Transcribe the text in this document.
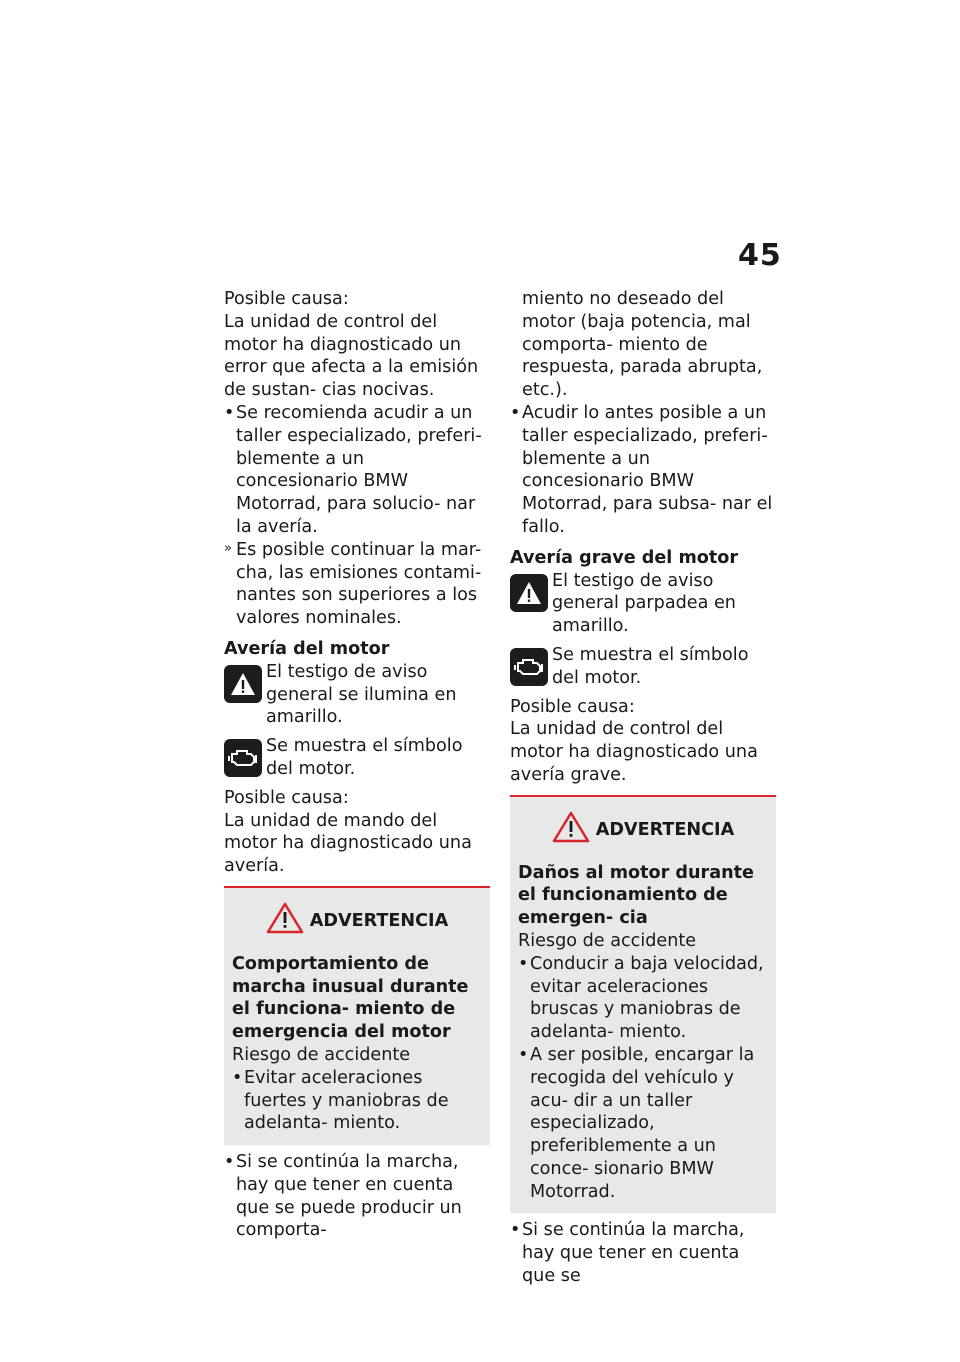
45

Posible causa:

La unidad de control del motor ha diagnosticado un error que afecta a la emisión de sustan- cias nocivas.

• Se recomienda acudir a un taller especializado, preferi- blemente a un concesionario BMW Motorrad, para solucio- nar la avería.

» Es posible continuar la mar- cha, las emisiones contami- nantes son superiores a los valores nominales.

Avería del motor

El testigo de aviso general se ilumina en amarillo.
Se muestra el símbolo del motor.

Posible causa:

La unidad de mando del motor ha diagnosticado una avería.

ADVERTENCIA

Comportamiento de marcha inusual durante el funciona- miento de emergencia del motor

Riesgo de accidente

• Evitar aceleraciones fuertes y maniobras de adelanta- miento.

• Si se continúa la marcha, hay que tener en cuenta que se puede producir un comporta-

miento no deseado del motor (baja potencia, mal comporta- miento de respuesta, parada abrupta, etc.).

• Acudir lo antes posible a un taller especializado, preferi- blemente a un concesionario BMW Motorrad, para subsa- nar el fallo.

Avería grave del motor

El testigo de aviso general parpadea en amarillo.
Se muestra el símbolo del motor.

Posible causa:

La unidad de control del motor ha diagnosticado una avería grave.

ADVERTENCIA

Daños al motor durante el funcionamiento de emergen- cia

Riesgo de accidente

• Conducir a baja velocidad, evitar aceleraciones bruscas y maniobras de adelanta- miento.

• A ser posible, encargar la recogida del vehículo y acu- dir a un taller especializado, preferiblemente a un conce- sionario BMW Motorrad.

• Si se continúa la marcha, hay que tener en cuenta que se
